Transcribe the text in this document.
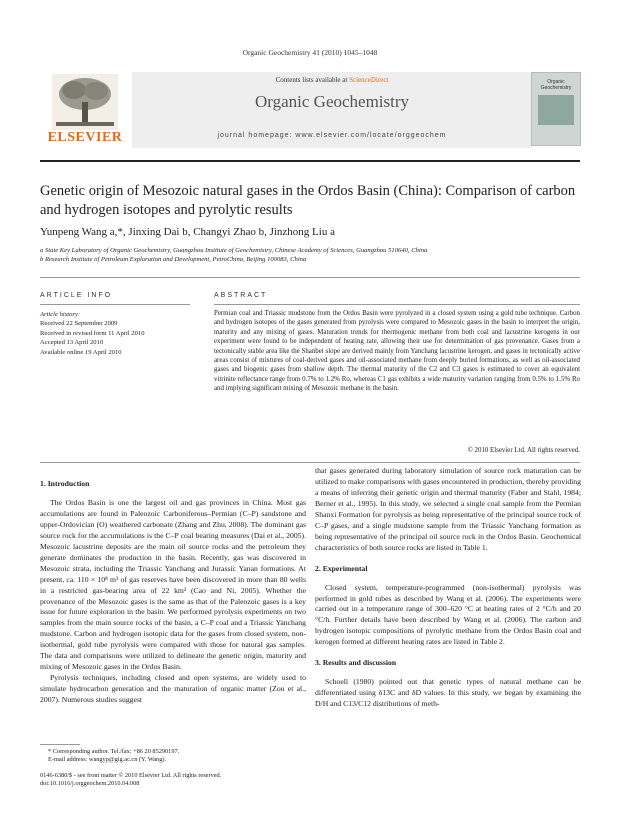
Organic Geochemistry 41 (2010) 1045–1048
ELSEVIER
Contents lists available at ScienceDirect
Organic Geochemistry
journal homepage: www.elsevier.com/locate/orggeochem
Organic Geochemistry
Genetic origin of Mesozoic natural gases in the Ordos Basin (China): Comparison of carbon and hydrogen isotopes and pyrolytic results
Yunpeng Wang a,*, Jinxing Dai b, Changyi Zhao b, Jinzhong Liu a
a State Key Laboratory of Organic Geochemistry, Guangzhou Institute of Geochemistry, Chinese Academy of Sciences, Guangzhou 510640, China
b Research Institute of Petroleum Exploration and Development, PetroChina, Beijing 100083, China
ARTICLE INFO	ABSTRACT
Article history:
Received 22 September 2009
Received in revised form 11 April 2010
Accepted 13 April 2010
Available online 19 April 2010
Permian coal and Triassic mudstone from the Ordos Basin were pyrolyzed in a closed system using a gold tube technique. Carbon and hydrogen isotopes of the gases generated from pyrolysis were compared to Mesozoic gases in the basin to interpret the origin, maturity and any mixing of gases. Maturation trends for thermogenic methane from both coal and lacustrine kerogens in our experiment were found to be independent of heating rate, allowing their use for determination of gas provenance. Gases from a tectonically stable area like the Shanbei slope are derived mainly from Yanchang lacustrine kerogen, and gases in tectonically active areas consist of mixtures of coal-derived gases and oil-associated methane from deeply buried formations, as well as oil-associated gases and biogenic gases from shallow depth. The thermal maturity of the C2 and C3 gases is estimated to cover an equivalent vitrinite reflectance range from 0.7% to 1.2% Ro, whereas C1 gas exhibits a wide maturity variation ranging from 0.5% to 1.5% Ro and implying significant mixing of Mesozoic methane in the basin.
© 2010 Elsevier Ltd. All rights reserved.
1. Introduction

The Ordos Basin is one the largest oil and gas provinces in China. Most gas accumulations are found in Paleozoic Carboniferous–Permian (C–P) sandstone and upper-Ordovician (O) weathered carbonate (Zhang and Zhu, 2008). The dominant gas source rock for the accumulations is the C–P coal bearing measures (Dai et al., 2005). Mesozoic lacustrine deposits are the main oil source rocks and the petroleum they generate dominates the production in the basin. Recently, gas was discovered in Mesozoic strata, including the Triassic Yanchang and Jurassic Yanan formations. At present, ca. 110 × 10⁸ m³ of gas reserves have been discovered in more than 80 wells in a restricted gas-bearing area of 22 km² (Cao and Ni, 2005). Whether the provenance of the Mesozoic gases is the same as that of the Paleozoic gases is a key issue for future exploration in the basin. We performed pyrolysis experiments on two samples from the main source rocks of the basin, a C–P coal and a Triassic Yanchang mudstone. Carbon and hydrogen isotopic data for the gases from closed system, non-isothermal, gold tube pyrolysis were compared with those for natural gas samples. The data and comparisons were utilized to delineate the genetic origin, maturity and mixing of Mesozoic gases in the Ordos Basin.

Pyrolysis techniques, including closed and open systems, are widely used to simulate hydrocarbon generation and the maturation of organic matter (Zou et al., 2007). Numerous studies suggest

that gases generated during laboratory simulation of source rock maturation can be utilized to make comparisons with gases encountered in production, thereby providing a means of inferring their genetic origin and thermal maturity (Faber and Stahl, 1984; Berner et al., 1995). In this study, we selected a single coal sample from the Permian Shanxi Formation for pyrolysis as being representative of the principal source rock of C–P gases, and a single mudstone sample from the Triassic Yanchang formation as being representative of the principal oil source rock in the Ordos Basin. Geochemical characteristics of both source rocks are listed in Table 1.

2. Experimental

Closed system, temperature-programmed (non-isothermal) pyrolysis was performed in gold tubes as described by Wang et al. (2006). The experiments were carried out in a temperature range of 300–620 °C at heating rates of 2 °C/h and 20 °C/h. Further details have been described by Wang et al. (2006). The carbon and hydrogen isotopic compositions of pyrolytic methane from the Ordos Basin coal and kerogen formed at different heating rates are listed in Table 2.

3. Results and discussion

Schoell (1980) pointed out that genetic types of natural methane can be differentiated using δ13C and δD values. In this study, we began by examining the D/H and C13/C12 distributions of meth-

* Corresponding author. Tel./fax: +86 20 85290197.
E-mail address: wangyp@gig.ac.cn (Y. Wang).
0146-6380/$ - see front matter © 2010 Elsevier Ltd. All rights reserved.
doi:10.1016/j.orggeochem.2010.04.008
